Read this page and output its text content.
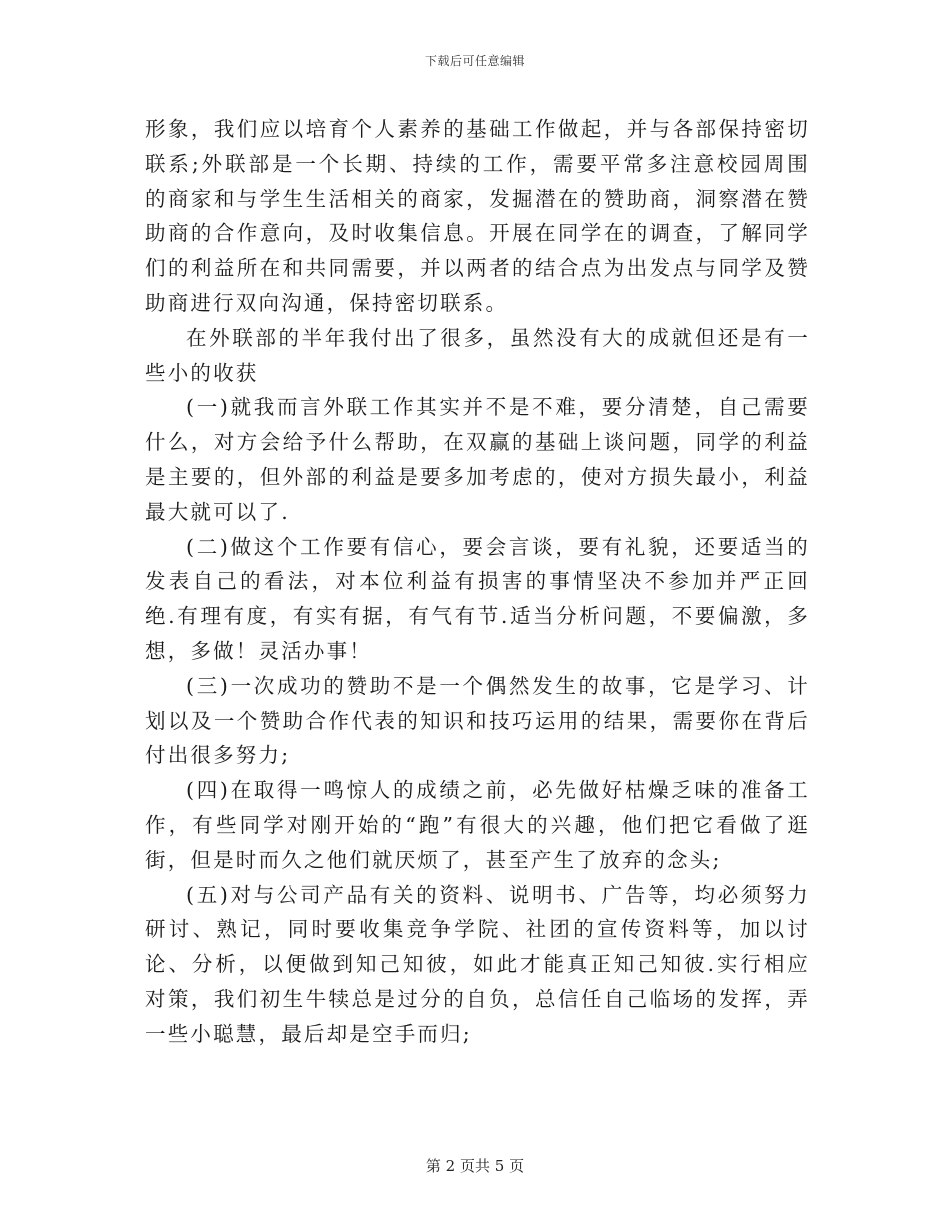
下载后可任意编辑

形象，我们应以培育个人素养的基础工作做起，并与各部保持密切联系;外联部是一个长期、持续的工作，需要平常多注意校园周围的商家和与学生生活相关的商家，发掘潜在的赞助商，洞察潜在赞助商的合作意向，及时收集信息。开展在同学在的调查，了解同学们的利益所在和共同需要，并以两者的结合点为出发点与同学及赞助商进行双向沟通，保持密切联系。

在外联部的半年我付出了很多，虽然没有大的成就但还是有一些小的收获

(一)就我而言外联工作其实并不是不难，要分清楚，自己需要什么，对方会给予什么帮助，在双赢的基础上谈问题，同学的利益是主要的，但外部的利益是要多加考虑的，使对方损失最小，利益最大就可以了.

(二)做这个工作要有信心，要会言谈，要有礼貌，还要适当的发表自己的看法，对本位利益有损害的事情坚决不参加并严正回绝.有理有度，有实有据，有气有节.适当分析问题，不要偏激，多想，多做！灵活办事！

(三)一次成功的赞助不是一个偶然发生的故事，它是学习、计划以及一个赞助合作代表的知识和技巧运用的结果，需要你在背后付出很多努力;

(四)在取得一鸣惊人的成绩之前，必先做好枯燥乏味的准备工作，有些同学对刚开始的“跑”有很大的兴趣，他们把它看做了逛街，但是时而久之他们就厌烦了，甚至产生了放弃的念头;

(五)对与公司产品有关的资料、说明书、广告等，均必须努力研讨、熟记，同时要收集竞争学院、社团的宣传资料等，加以讨论、分析，以便做到知己知彼，如此才能真正知己知彼.实行相应对策，我们初生牛犊总是过分的自负，总信任自己临场的发挥，弄一些小聪慧，最后却是空手而归;

第 2 页共 5 页
